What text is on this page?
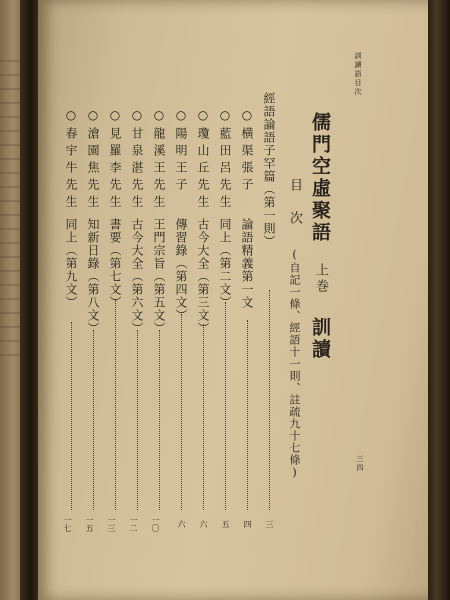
訓讀語目次
三四
儒門空虛聚語 上巻 訓讀
目次
(自記一條、經語十一則、註疏九十七條)
經語論語子罕篇（第一則）
三
○横渠張子
論語精義第一文
四
○藍田呂先生
同上（第二文）
五
○瓊山丘先生
古今大全（第三文）
六
○陽明王子
傳習錄（第四文）
六
○龍溪王先生
王門宗旨（第五文）
一〇
○甘泉湛先生
古今大全（第六文）
一二
○見羅李先生
書要（第七文）
一三
○滄園焦先生
知新日錄（第八文）
一五
○春宇牛先生
同上（第九文）
一七
